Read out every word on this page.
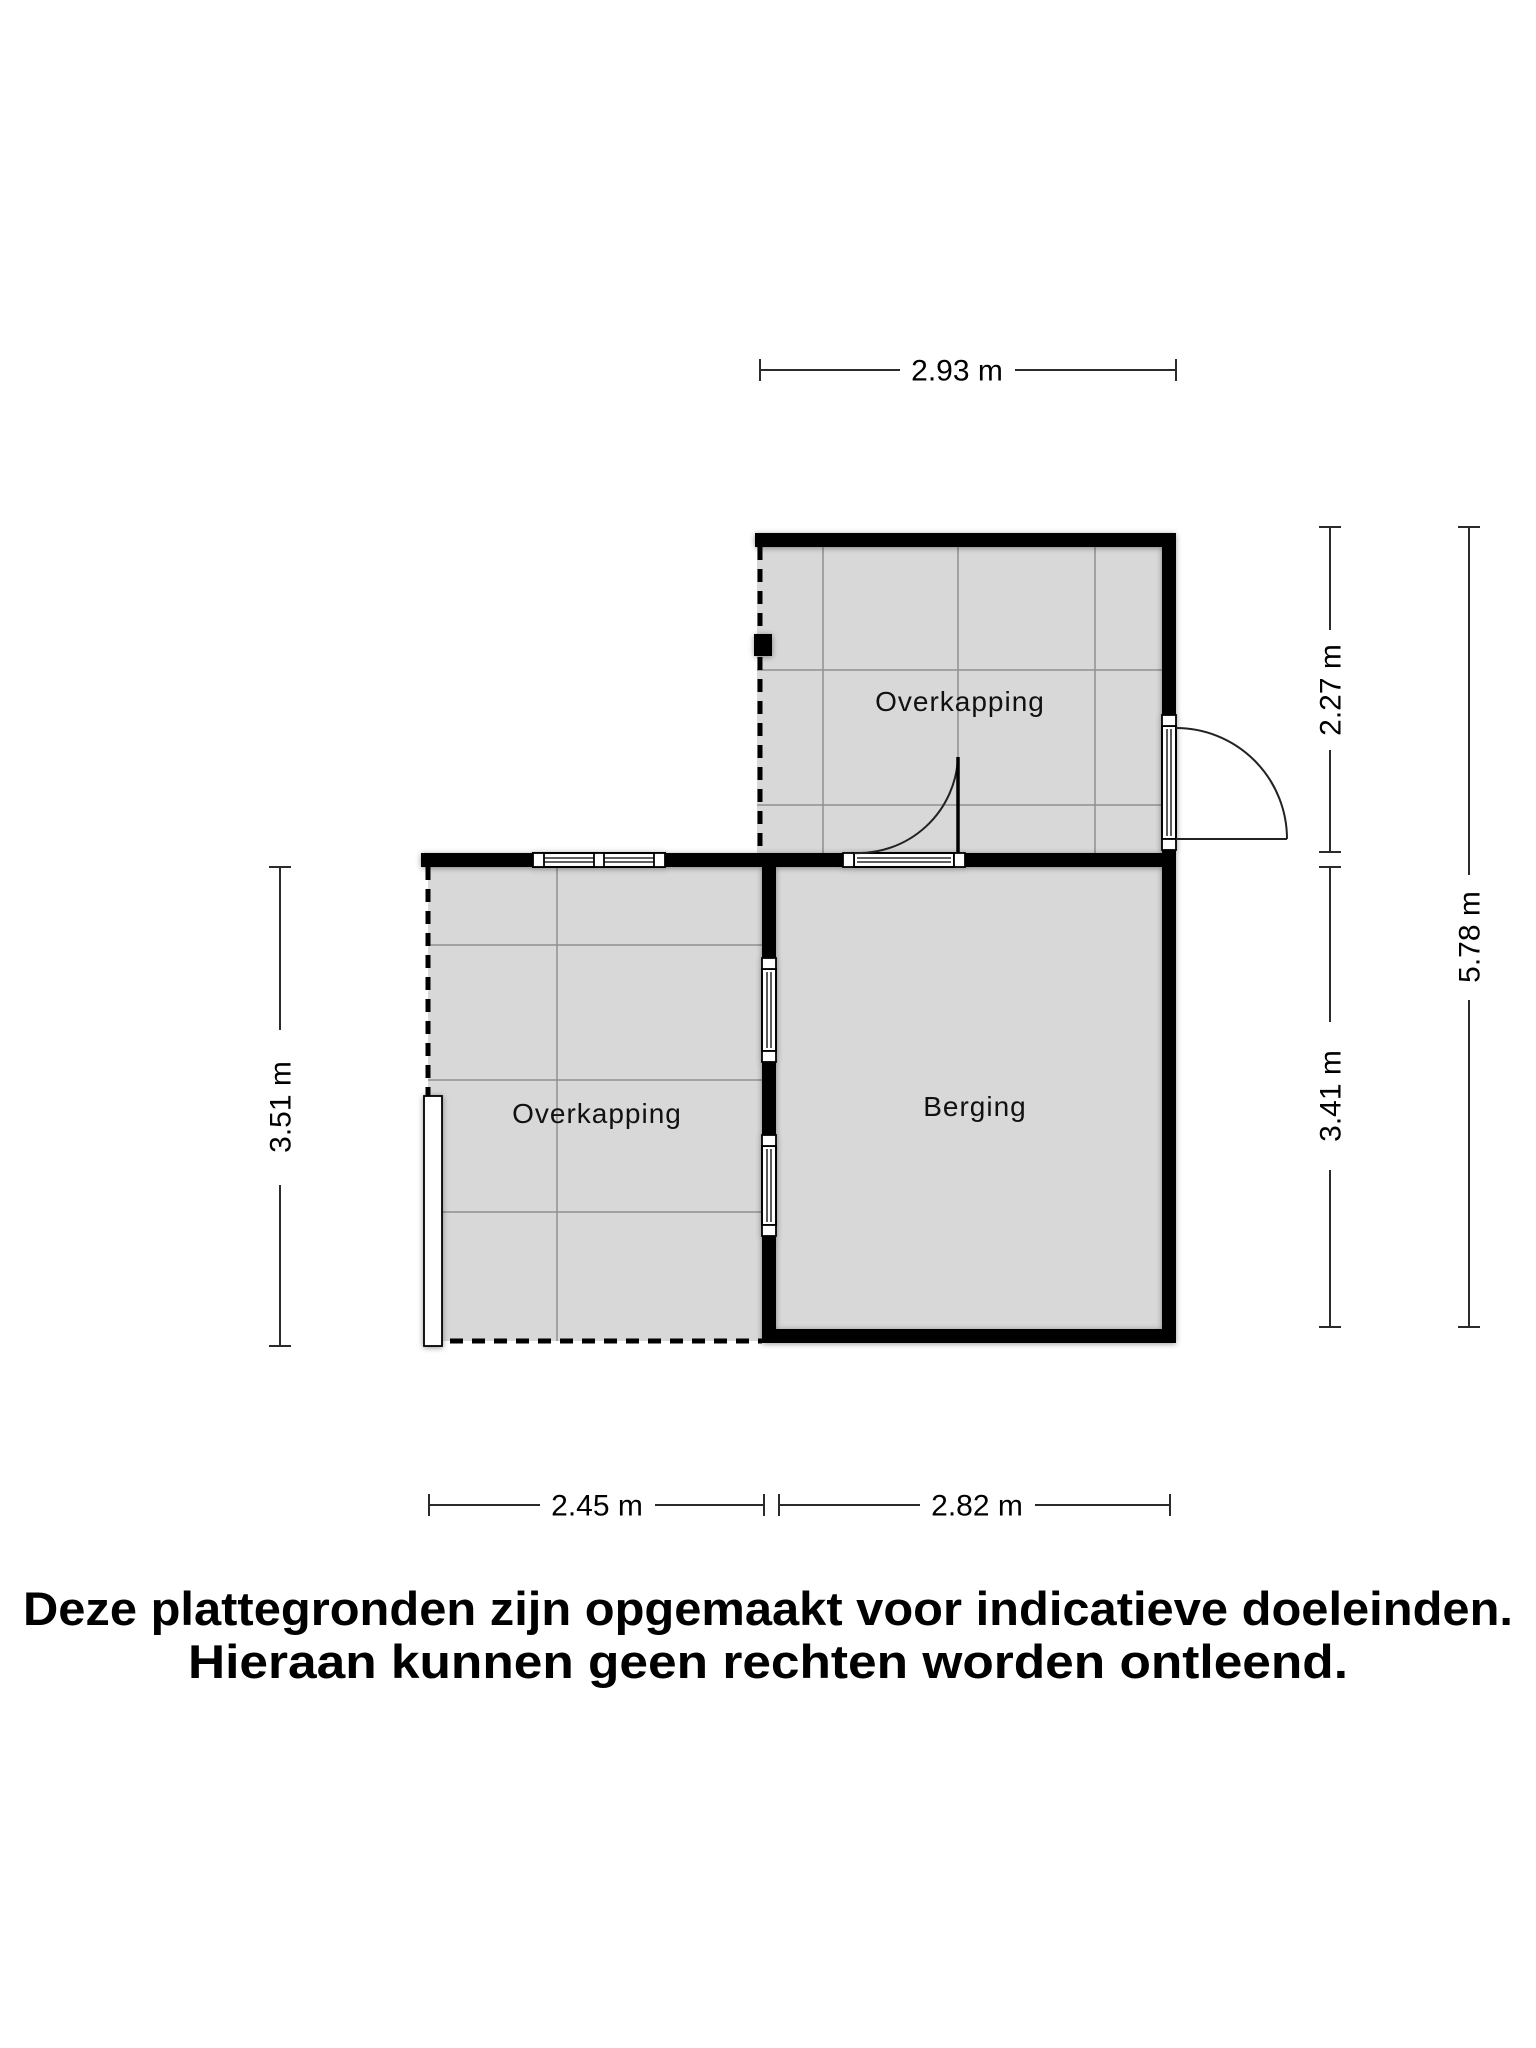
Overkapping
Overkapping	Berging
2.93 m
2.27 m
3.41 m
5.78 m
3.51 m
2.45 m	2.82 m
Deze plattegronden zijn opgemaakt voor indicatieve doeleinden.
Hieraan kunnen geen rechten worden ontleend.
